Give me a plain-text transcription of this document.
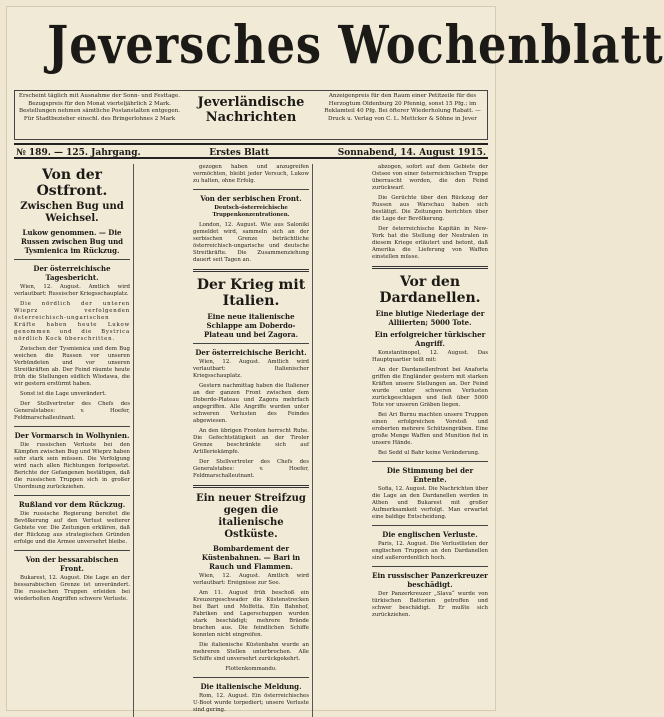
Jeversches Wochenblatt
Erscheint täglich mit Ausnahme der Sonn- und Festtage. Bezugspreis für den Monat vierteljährlich 2 Mark. Bestellungen nehmen sämtliche Postanstalten entgegen. Für Stadtbezieher einschl. des Bringerlohnes 2 Mark
Jeverländische
Nachrichten
Anzeigenpreis für den Raum einer Petitzeile für des Herzogtum Oldenburg 20 Pfennig, sonst 15 Pfg.; im Reklamteil 40 Pfg. Bei öfterer Wiederholung Rabatt. — Druck u. Verlag von C. L. Mettcker & Söhne in Jever
№ 189. — 125. Jahrgang.	Erstes Blatt	Sonnabend, 14. August 1915.
Von der Ostfront.
Zwischen Bug und Weichsel.
Lukow genommen. — Die Russen zwischen Bug und Tysmienica im Rückzug.
Der österreichische Tagesbericht.

Wien, 12. August. Amtlich wird verlautbart: Russischer Kriegsschauplatz.

Die nördlich der unteren Wieprz verfolgenden österreichisch-ungarischen Kräfte haben heute Lukow genommen und die Bystrica nördlich Kock überschritten.

Zwischen der Tysmienica und dem Bug weichen die Russen vor unseren Verbündeten und vor unseren Streitkräften ab. Der Feind räumte heute früh die Stellungen südlich Wlodawa, die wir gestern erstürmt haben.

Sonst ist die Lage unverändert.

Der Stellvertreter des Chefs des Generalstabes: v. Hoefer, Feldmarschalleutnant.

Der Vormarsch in Wolhynien.

Die russischen Verluste bei den Kämpfen zwischen Bug und Wieprz haben sehr stark sein müssen. Die Verfolgung wird nach allen Richtungen fortgesetzt. Berichte der Gefangenen bestätigen, daß die russischen Truppen sich in großer Unordnung zurückziehen.

Rußland vor dem Rückzug.

Die russische Regierung bereitet die Bevölkerung auf den Verlust weiterer Gebiete vor. Die Zeitungen erklären, daß der Rückzug aus strategischen Gründen erfolge und die Armee unversehrt bleibe.

Von der bessarabischen Front.

Bukarest, 12. August. Die Lage an der bessarabischen Grenze ist unverändert. Die russischen Truppen erleiden bei wiederholten Angriffen schwere Verluste.

gezogen haben und anzugreifen vermöchten, bleibt jeder Versuch, Lukow zu halten, ohne Erfolg.

Von der serbischen Front.

Deutsch-österreichische Truppenkonzentrationen.

London, 12. August. Wie aus Saloniki gemeldet wird, sammeln sich an der serbischen Grenze beträchtliche österreichisch-ungarische und deutsche Streitkräfte. Die Zusammenziehung dauert seit Tagen an.

Der Krieg mit Italien.
Eine neue italienische Schlappe am Doberdo-Plateau und bei Zagora.
Der österreichische Bericht.

Wien, 12. August. Amtlich wird verlautbart: Italienischer Kriegsschauplatz.

Gestern nachmittag haben die Italiener an der ganzen Front zwischen dem Doberdo-Plateau und Zagora mehrfach angegriffen. Alle Angriffe wurden unter schweren Verlusten des Feindes abgewiesen.

An den übrigen Fronten herrscht Ruhe. Die Gefechtstätigkeit an der Tiroler Grenze beschränkte sich auf Artilleriekämpfe.

Der Stellvertreter des Chefs des Generalstabes: v. Hoefer, Feldmarschalleutnant.

Ein neuer Streifzug gegen die italienische Ostküste.
Bombardement der Küstenbahnen. — Bari in Rauch und Flammen.

Wien, 12. August. Amtlich wird verlautbart: Ereignisse zur See.

Am 11. August früh beschoß ein Kreuzergeschwader die Küstenstrecken bei Bari und Molfetta. Ein Bahnhof, Fabriken und Lagerschuppen wurden stark beschädigt; mehrere Brände brachen aus. Die feindlichen Schiffe konnten nicht eingreifen.

Die italienische Küstenbahn wurde an mehreren Stellen unterbrochen. Alle Schiffe sind unversehrt zurückgekehrt.

Flottenkommando.

Die italienische Meldung.

Rom, 12. August. Ein österreichisches U-Boot wurde torpediert; unsere Verluste sind gering.

abzogen, sofort auf dem Gebiete der Ostsee von einer österreichischen Truppe überrascht worden, die den Feind zurückwarf.

Die Gerüchte über den Rückzug der Russen aus Warschau haben sich bestätigt. Die Zeitungen berichten über die Lage der Bevölkerung.

Der österreichische Kapitän in New-York hat die Stellung der Neutralen in diesem Kriege erläutert und betont, daß Amerika die Lieferung von Waffen einstellen müsse.

Vor den Dardanellen.
Eine blutige Niederlage der Alliierten; 5000 Tote.
Ein erfolgreicher türkischer Angriff.

Konstantinopel, 12. August. Das Hauptquartier teilt mit:

An der Dardanellenfront bei Anaforta griffen die Engländer gestern mit starken Kräften unsere Stellungen an. Der Feind wurde unter schweren Verlusten zurückgeschlagen und ließ über 5000 Tote vor unseren Gräben liegen.

Bei Ari Burnu machten unsere Truppen einen erfolgreichen Vorstoß und eroberten mehrere Schützengräben. Eine große Menge Waffen und Munition fiel in unsere Hände.

Bei Sedd ul Bahr keine Veränderung.

Die Stimmung bei der Entente.

Sofia, 12. August. Die Nachrichten über die Lage an den Dardanellen werden in Athen und Bukarest mit großer Aufmerksamkeit verfolgt. Man erwartet eine baldige Entscheidung.

Die englischen Verluste.

Paris, 12. August. Die Verlustlisten der englischen Truppen an den Dardanellen sind außerordentlich hoch.

Ein russischer Panzerkreuzer beschädigt.

Der Panzerkreuzer „Slava“ wurde von türkischen Batterien getroffen und schwer beschädigt. Er mußte sich zurückziehen.
